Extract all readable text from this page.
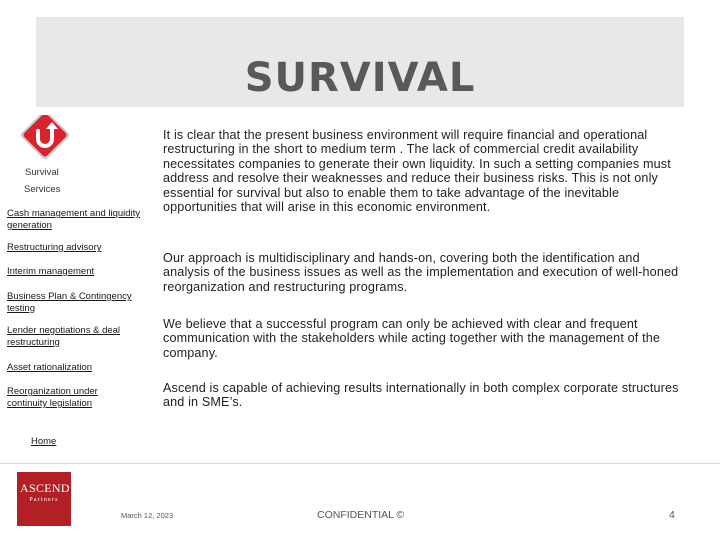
SURVIVAL
Survival
Services
Cash management and liquidity generation
Restructuring advisory
Interim management
Business Plan & Contingency testing
Lender negotiations & deal restructuring
Asset rationalization
Reorganization under continuity legislation
It is clear that the present business environment will require financial and operational restructuring in the short to medium term . The lack of commercial credit availability necessitates companies to generate their own liquidity. In such a setting companies must address and resolve their weaknesses and reduce their business risks. This is not only essential for survival but also to enable them to take advantage of the inevitable opportunities that will arise in this economic environment.
Our approach is multidisciplinary and hands-on, covering both the identification and analysis of the business issues as well as the implementation and execution of well-honed reorganization and restructuring programs.
We believe that a successful program can only be achieved with clear and frequent communication with the stakeholders while acting together with the management of the company.
Ascend is capable of achieving results internationally in both complex corporate structures and in SME’s.
Home
ASCEND
Partners
March 12, 2023	CONFIDENTIAL ©	4
